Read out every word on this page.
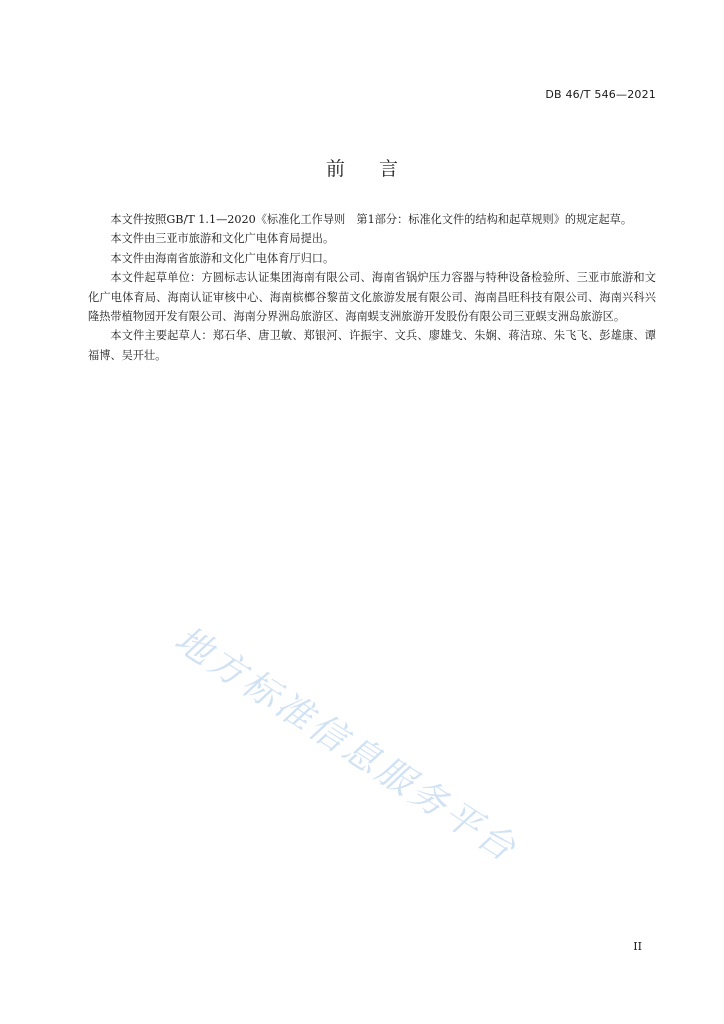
DB 46/T 546—2021
前言

本文件按照GB/T 1.1—2020《标准化工作导则　第1部分：标准化文件的结构和起草规则》的规定起草。

本文件由三亚市旅游和文化广电体育局提出。

本文件由海南省旅游和文化广电体育厅归口。

本文件起草单位：方圆标志认证集团海南有限公司、海南省锅炉压力容器与特种设备检验所、三亚市旅游和文化广电体育局、海南认证审核中心、海南槟榔谷黎苗文化旅游发展有限公司、海南昌旺科技有限公司、海南兴科兴隆热带植物园开发有限公司、海南分界洲岛旅游区、海南蜈支洲旅游开发股份有限公司三亚蜈支洲岛旅游区。

本文件主要起草人：郑石华、唐卫敏、郑银河、许振宇、文兵、廖雄戈、朱娴、蒋洁琼、朱飞飞、彭雄康、谭福博、吴开壮。

地方标准信息服务平台
II
